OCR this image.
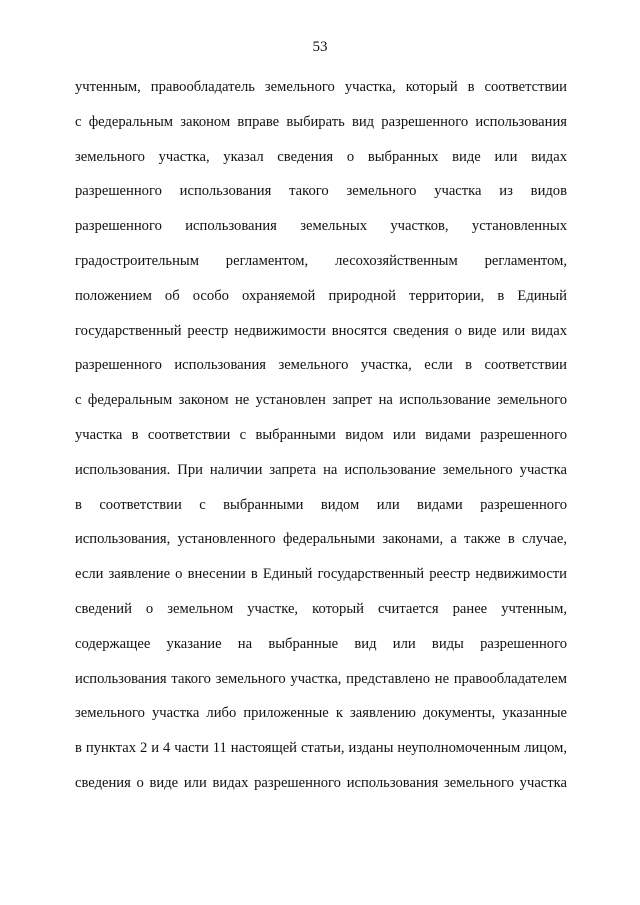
53
учтенным, правообладатель земельного участка, который в соответствии
с федеральным законом вправе выбирать вид разрешенного использования
земельного участка, указал сведения о выбранных виде или видах
разрешенного использования такого земельного участка из видов
разрешенного использования земельных участков, установленных
градостроительным регламентом, лесохозяйственным регламентом,
положением об особо охраняемой природной территории, в Единый
государственный реестр недвижимости вносятся сведения о виде или видах
разрешенного использования земельного участка, если в соответствии
с федеральным законом не установлен запрет на использование земельного
участка в соответствии с выбранными видом или видами разрешенного
использования. При наличии запрета на использование земельного участка
в соответствии с выбранными видом или видами разрешенного
использования, установленного федеральными законами, а также в случае,
если заявление о внесении в Единый государственный реестр недвижимости
сведений о земельном участке, который считается ранее учтенным,
содержащее указание на выбранные вид или виды разрешенного
использования такого земельного участка, представлено не правообладателем
земельного участка либо приложенные к заявлению документы, указанные
в пунктах 2 и 4 части 11 настоящей статьи, изданы неуполномоченным лицом,
сведения о виде или видах разрешенного использования земельного участка
